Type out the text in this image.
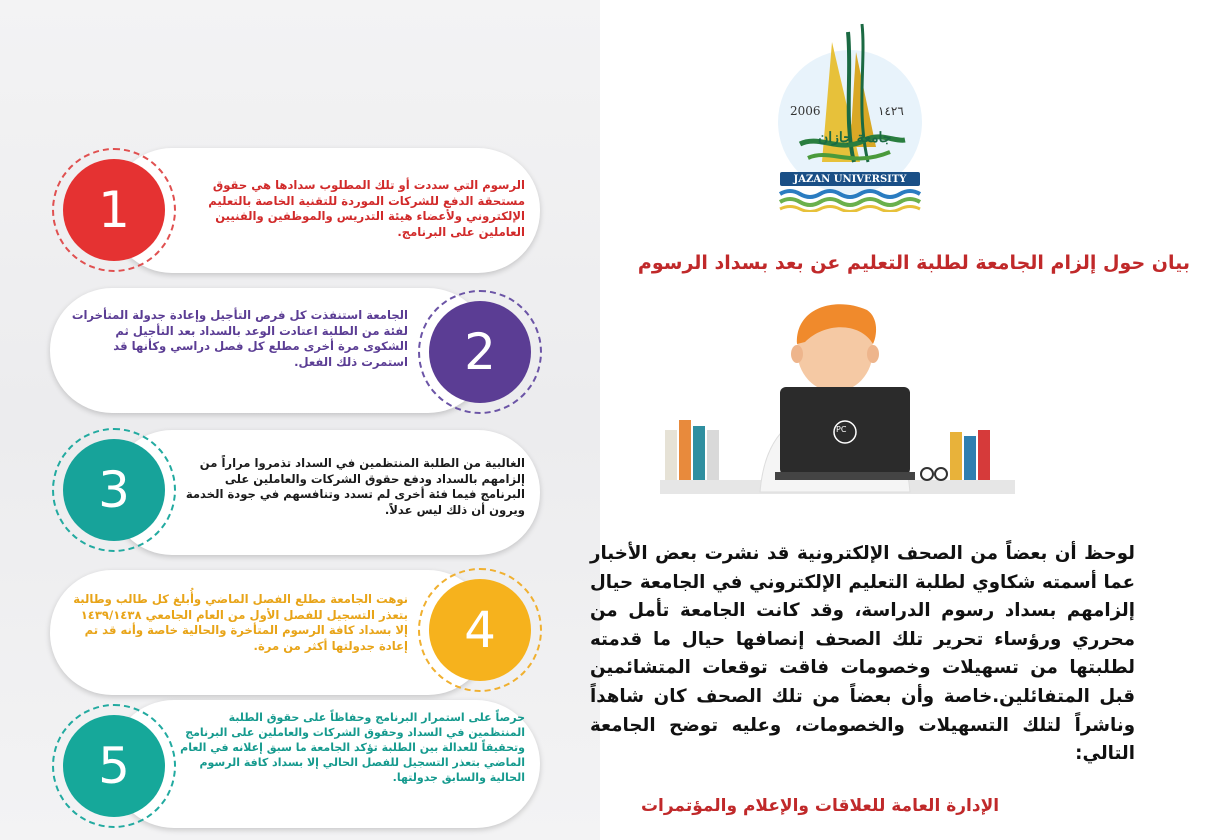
2006	١٤٢٦
جامعة جازان
JAZAN UNIVERSITY
بيان حول إلزام الجامعة لطلبة التعليم عن بعد بسداد الرسوم
PC
لوحظ أن بعضاً من الصحف الإلكترونية قد نشرت بعض الأخبار عما أسمته شكاوي لطلبة التعليم الإلكتروني في الجامعة حيال إلزامهم بسداد رسوم الدراسة، وقد كانت الجامعة تأمل من محرري ورؤساء تحرير تلك الصحف إنصافها حيال ما قدمته لطلبتها من تسهيلات وخصومات فاقت توقعات المتشائمين قبل المتفائلين.خاصة وأن بعضاً من تلك الصحف كان شاهداً وناشراً لتلك التسهيلات والخصومات، وعليه توضح الجامعة التالي:
الإدارة العامة للعلاقات والإعلام والمؤتمرات
1	الرسوم التي سددت أو تلك المطلوب سدادها هي حقوق مستحقة الدفع للشركات الموردة للتقنية الخاصة بالتعليم الإلكتروني ولأعضاء هيئة التدريس والموظفين والفنيين العاملين على البرنامج.
2
الجامعة استنفذت كل فرص التأجيل وإعادة جدولة المتأخرات لفئة من الطلبة اعتادت الوعد بالسداد بعد التأجيل ثم الشكوى مرة أخرى مطلع كل فصل دراسي وكأنها قد استمرت ذلك الفعل.
3	الغالبية من الطلبة المنتظمين في السداد تذمروا مراراً من إلزامهم بالسداد ودفع حقوق الشركات والعاملين على البرنامج فيما فئة أخرى لم تسدد وتنافسهم في جودة الخدمة ويرون أن ذلك ليس عدلاً.
4
نوهت الجامعة مطلع الفصل الماضي وأُبلغ كل طالب وطالبة بتعذر التسجيل للفصل الأول من العام الجامعي ١٤٣٩/١٤٣٨ إلا بسداد كافة الرسوم المتأخرة والحالية خاصة وأنه قد تم إعادة جدولتها أكثر من مرة.
5
حرصاً على استمرار البرنامج وحفاظاً على حقوق الطلبة المنتظمين في السداد وحقوق الشركات والعاملين على البرنامج وتحقيقاً للعدالة بين الطلبة تؤكد الجامعة ما سبق إعلانه في العام الماضي بتعذر التسجيل للفصل الحالي إلا بسداد كافة الرسوم الحالية والسابق جدولتها.
